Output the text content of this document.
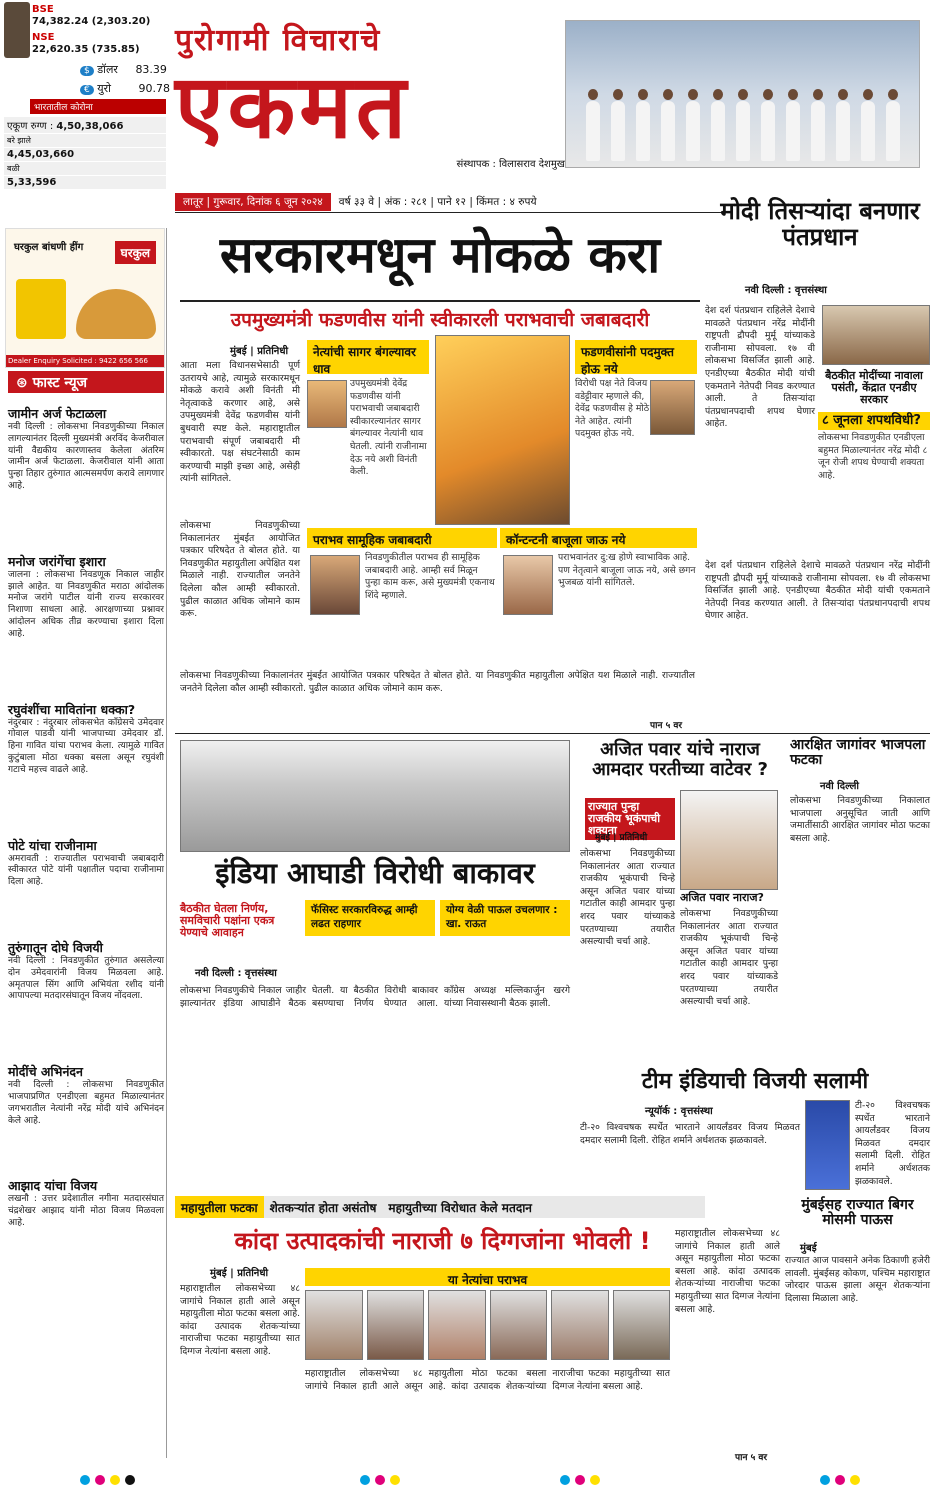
BSE
74,382.24 (2,303.20)
NSE
22,620.35 (735.85)
$ डॉलर 83.39
€ युरो	90.78
भारतातील कोरोना
एकूण रुग्ण : 4,50,38,066
बरे झाले
4,45,03,660
बळी
5,33,596
पुरोगामी विचाराचे
एकमत
संस्थापक : विलासराव देशमुख
लातूर | गुरूवार, दिनांक ६ जून २०२४	वर्ष ३३ वे | अंक : २८१ | पाने १२ | किंमत : ४ रुपये
घरकुल बांधणी हींग	घरकुल
Dealer Enquiry Solicited : 9422 656 566
⊛ फास्ट न्यूज
जामीन अर्ज फेटाळला
नवी दिल्ली : लोकसभा निवडणुकीच्या निकाल लागल्यानंतर दिल्ली मुख्यमंत्री अरविंद केजरीवाल यांनी वैद्यकीय कारणास्तव केलेला अंतरिम जामीन अर्ज फेटाळला. केजरीवाल यांनी आता पुन्हा तिहार तुरुंगात आत्मसमर्पण करावे लागणार आहे.
मनोज जरांगेंचा इशारा
जालना : लोकसभा निवडणूक निकाल जाहीर झाले आहेत. या निवडणुकीत मराठा आंदोलक मनोज जरांगे पाटील यांनी राज्य सरकारवर निशाणा साधला आहे. आरक्षणाच्या प्रश्नावर आंदोलन अधिक तीव्र करण्याचा इशारा दिला आहे.
रघुवंशींचा मावितांना धक्का?
नंदुरबार : नंदुरबार लोकसभेत काँग्रेसचे उमेदवार गोवाल पाडवी यांनी भाजपाच्या उमेदवार डॉ. हिना गावित यांचा पराभव केला. त्यामुळे गावित कुटुंबाला मोठा धक्का बसला असून रघुवंशी गटाचे महत्त्व वाढले आहे.
पोटे यांचा राजीनामा
अमरावती : राज्यातील पराभवाची जबाबदारी स्वीकारत पोटे यांनी पक्षातील पदाचा राजीनामा दिला आहे.
तुरुंगातून दोघे विजयी
नवी दिल्ली : निवडणुकीत तुरुंगात असलेल्या दोन उमेदवारांनी विजय मिळवला आहे. अमृतपाल सिंग आणि अभियंता रशीद यांनी आपापल्या मतदारसंघातून विजय नोंदवला.
मोदींचे अभिनंदन
नवी दिल्ली : लोकसभा निवडणुकीत भाजपाप्रणित एनडीएला बहुमत मिळाल्यानंतर जगभरातील नेत्यांनी नरेंद्र मोदी यांचे अभिनंदन केले आहे.
आझाद यांचा विजय
लखनौ : उत्तर प्रदेशातील नगीना मतदारसंघात चंद्रशेखर आझाद यांनी मोठा विजय मिळवला आहे.
सरकारमधून मोकळे करा
उपमुख्यमंत्री फडणवीस यांनी स्वीकारली पराभवाची जबाबदारी
मुंबई | प्रतिनिधी
आता मला विधानसभेसाठी पूर्ण उतरायचे आहे, त्यामुळे सरकारमधून मोकळे करावे अशी विनंती मी नेतृत्वाकडे करणार आहे, असे उपमुख्यमंत्री देवेंद्र फडणवीस यांनी बुधवारी स्पष्ट केले. महाराष्ट्रातील पराभवाची संपूर्ण जबाबदारी मी स्वीकारतो. पक्ष संघटनेसाठी काम करण्याची माझी इच्छा आहे, असेही त्यांनी सांगितले.
लोकसभा निवडणुकीच्या निकालानंतर मुंबईत आयोजित पत्रकार परिषदेत ते बोलत होते. या निवडणुकीत महायुतीला अपेक्षित यश मिळाले नाही. राज्यातील जनतेने दिलेला कौल आम्ही स्वीकारतो. पुढील काळात अधिक जोमाने काम करू.
नेत्यांची सागर बंगल्यावर धाव
उपमुख्यमंत्री देवेंद्र फडणवीस यांनी पराभवाची जबाबदारी स्वीकारल्यानंतर सागर बंगल्यावर नेत्यांनी धाव घेतली. त्यांनी राजीनामा देऊ नये अशी विनंती केली.
फडणवीसांनी पदमुक्त होऊ नये
विरोधी पक्ष नेते विजय वडेट्टीवार म्हणाले की, देवेंद्र फडणवीस हे मोठे नेते आहेत. त्यांनी पदमुक्त होऊ नये.
पराभव सामूहिक जबाबदारी
निवडणुकीतील पराभव ही सामूहिक जबाबदारी आहे. आम्ही सर्व मिळून पुन्हा काम करू, असे मुख्यमंत्री एकनाथ शिंदे म्हणाले.
कॉन्टन्टनी बाजूला जाऊ नये
पराभवानंतर दु:ख होणे स्वाभाविक आहे. पण नेतृत्वाने बाजूला जाऊ नये, असे छगन भुजबळ यांनी सांगितले.
लोकसभा निवडणुकीच्या निकालानंतर मुंबईत आयोजित पत्रकार परिषदेत ते बोलत होते. या निवडणुकीत महायुतीला अपेक्षित यश मिळाले नाही. राज्यातील जनतेने दिलेला कौल आम्ही स्वीकारतो. पुढील काळात अधिक जोमाने काम करू.
पान ५ वर
मोदी तिसऱ्यांदा बनणार पंतप्रधान
नवी दिल्ली : वृत्तसंस्था
देश दर्श पंतप्रधान राहिलेले देशाचे मावळते पंतप्रधान नरेंद्र मोदींनी राष्ट्रपती द्रौपदी मुर्मू यांच्याकडे राजीनामा सोपवला. १७ वी लोकसभा विसर्जित झाली आहे. एनडीएच्या बैठकीत मोदी यांची एकमताने नेतेपदी निवड करण्यात आली. ते तिसऱ्यांदा पंतप्रधानपदाची शपथ घेणार आहेत.
बैठकीत मोदींच्या नावाला पसंती, केंद्रात एनडीए सरकार
८ जूनला शपथविधी?
लोकसभा निवडणुकीत एनडीएला बहुमत मिळाल्यानंतर नरेंद्र मोदी ८ जून रोजी शपथ घेण्याची शक्यता आहे.
देश दर्श पंतप्रधान राहिलेले देशाचे मावळते पंतप्रधान नरेंद्र मोदींनी राष्ट्रपती द्रौपदी मुर्मू यांच्याकडे राजीनामा सोपवला. १७ वी लोकसभा विसर्जित झाली आहे. एनडीएच्या बैठकीत मोदी यांची एकमताने नेतेपदी निवड करण्यात आली. ते तिसऱ्यांदा पंतप्रधानपदाची शपथ घेणार आहेत.
इंडिया आघाडी विरोधी बाकावर
बैठकीत घेतला निर्णय, समविचारी पक्षांना एकत्र येण्याचे आवाहन
फॅसिस्ट सरकारविरुद्ध आम्ही लढत राहणार
योग्य वेळी पाऊल उचलणार : खा. राऊत
नवी दिल्ली : वृत्तसंस्था
लोकसभा निवडणुकीचे निकाल जाहीर झाल्यानंतर इंडिया आघाडीने बैठक घेतली. या बैठकीत विरोधी बाकावर बसण्याचा निर्णय घेण्यात आला. काँग्रेस अध्यक्ष मल्लिकार्जुन खरगे यांच्या निवासस्थानी बैठक झाली.
अजित पवार यांचे नाराज आमदार परतीच्या वाटेवर ?
राज्यात पुन्हा राजकीय भूकंपाची शक्यता
मुंबई | प्रतिनिधी
अजित पवार नाराज?
लोकसभा निवडणुकीच्या निकालानंतर आता राज्यात राजकीय भूकंपाची चिन्हे असून अजित पवार यांच्या गटातील काही आमदार पुन्हा शरद पवार यांच्याकडे परतण्याच्या तयारीत असल्याची चर्चा आहे.
लोकसभा निवडणुकीच्या निकालानंतर आता राज्यात राजकीय भूकंपाची चिन्हे असून अजित पवार यांच्या गटातील काही आमदार पुन्हा शरद पवार यांच्याकडे परतण्याच्या तयारीत असल्याची चर्चा आहे.
आरक्षित जागांवर भाजपला फटका
नवी दिल्ली
लोकसभा निवडणुकीच्या निकालात भाजपाला अनुसूचित जाती आणि जमातींसाठी आरक्षित जागांवर मोठा फटका बसला आहे.
टीम इंडियाची विजयी सलामी
न्यूयॉर्क : वृत्तसंस्था
टी-२० विश्वचषक स्पर्धेत भारताने आयर्लंडवर विजय मिळवत दमदार सलामी दिली. रोहित शर्माने अर्धशतक झळकावले.
टी-२० विश्वचषक स्पर्धेत भारताने आयर्लंडवर विजय मिळवत दमदार सलामी दिली. रोहित शर्माने अर्धशतक झळकावले.
महायुतीला फटका	शेतकऱ्यांत होता असंतोष	महायुतीच्या विरोधात केले मतदान
कांदा उत्पादकांची नाराजी ७ दिग्गजांना भोवली !
मुंबई | प्रतिनिधी
महाराष्ट्रातील लोकसभेच्या ४८ जागांचे निकाल हाती आले असून महायुतीला मोठा फटका बसला आहे. कांदा उत्पादक शेतकऱ्यांच्या नाराजीचा फटका महायुतीच्या सात दिग्गज नेत्यांना बसला आहे.
या नेत्यांचा पराभव
महाराष्ट्रातील लोकसभेच्या ४८ जागांचे निकाल हाती आले असून महायुतीला मोठा फटका बसला आहे. कांदा उत्पादक शेतकऱ्यांच्या नाराजीचा फटका महायुतीच्या सात दिग्गज नेत्यांना बसला आहे.
महाराष्ट्रातील लोकसभेच्या ४८ जागांचे निकाल हाती आले असून महायुतीला मोठा फटका बसला आहे. कांदा उत्पादक शेतकऱ्यांच्या नाराजीचा फटका महायुतीच्या सात दिग्गज नेत्यांना बसला आहे.
पान ५ वर
मुंबईसह राज्यात बिगर मोसमी पाऊस
मुंबई
राज्यात आज पावसाने अनेक ठिकाणी हजेरी लावली. मुंबईसह कोकण, पश्चिम महाराष्ट्रात जोरदार पाऊस झाला असून शेतकऱ्यांना दिलासा मिळाला आहे.
